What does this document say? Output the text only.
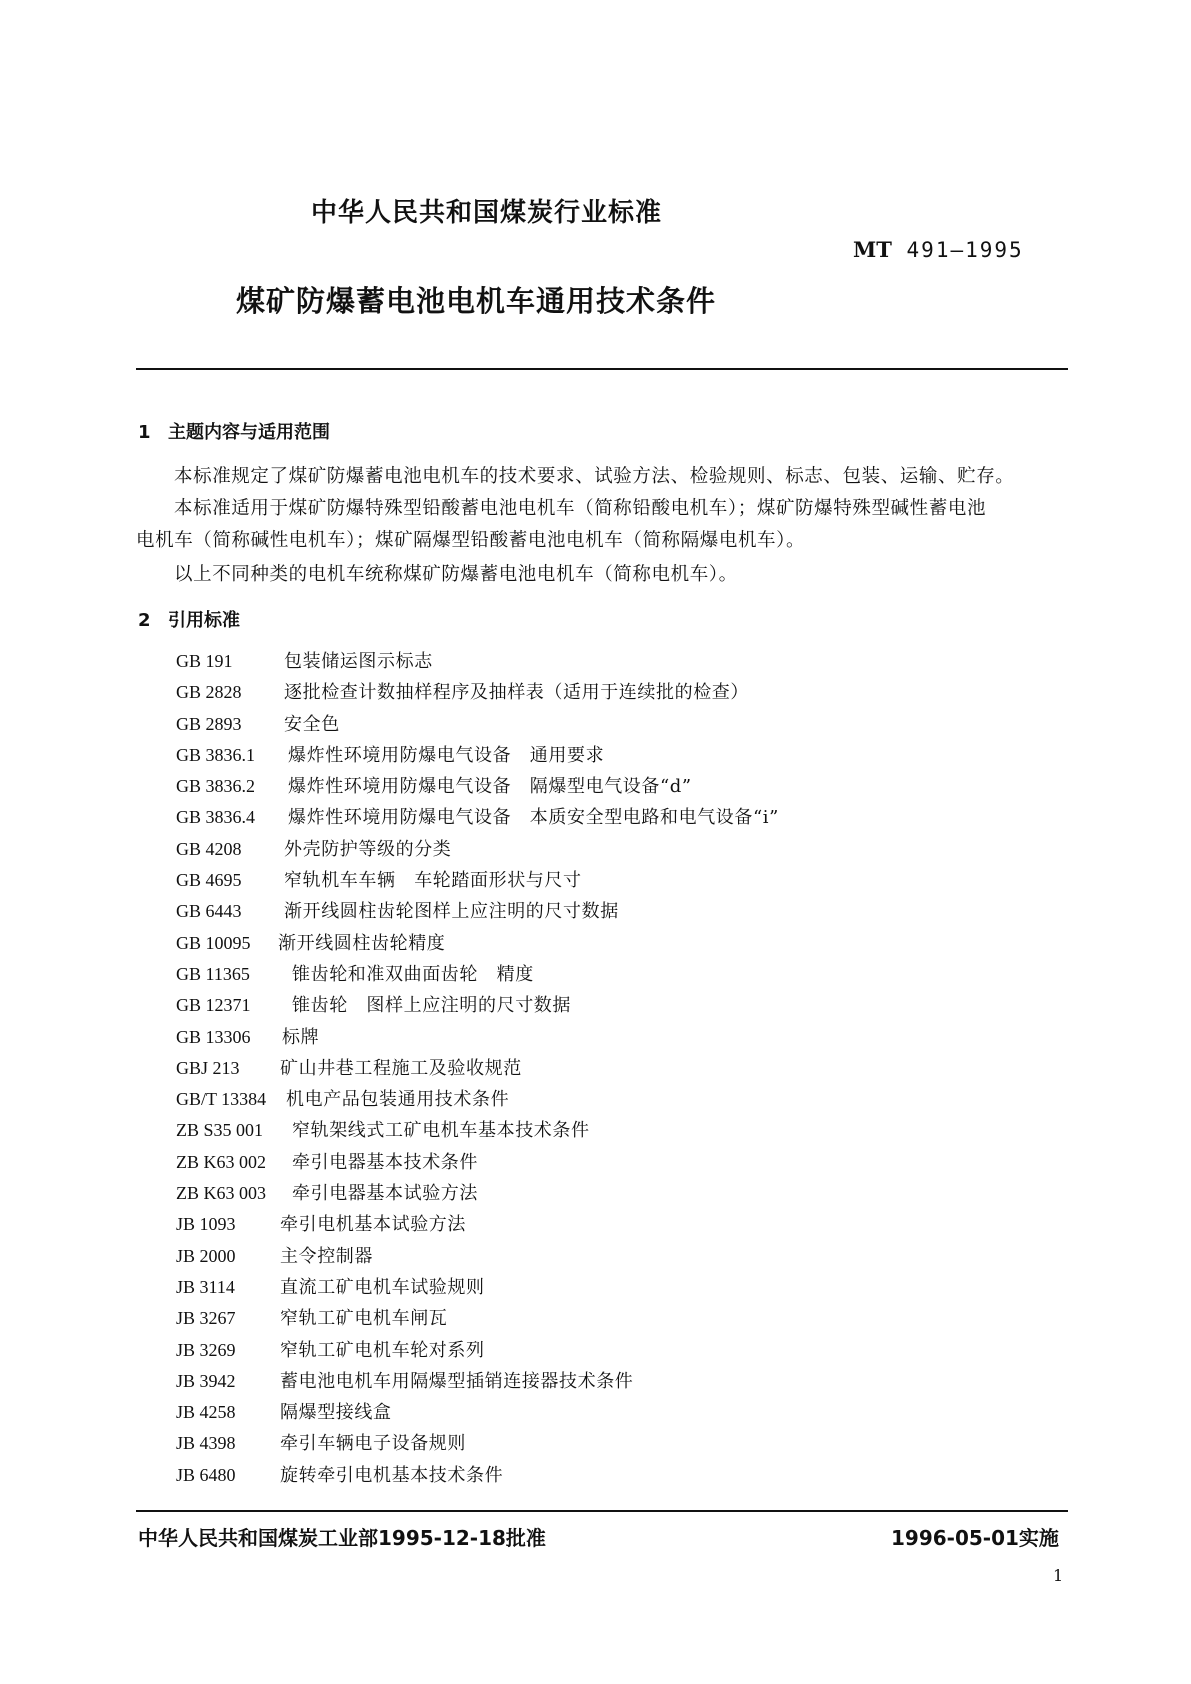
中华人民共和国煤炭行业标准
MT 491—1995
煤矿防爆蓄电池电机车通用技术条件
1 主题内容与适用范围
本标准规定了煤矿防爆蓄电池电机车的技术要求、试验方法、检验规则、标志、包装、运输、贮存。
本标准适用于煤矿防爆特殊型铅酸蓄电池电机车（简称铅酸电机车）；煤矿防爆特殊型碱性蓄电池
电机车（简称碱性电机车）；煤矿隔爆型铅酸蓄电池电机车（简称隔爆电机车）。
以上不同种类的电机车统称煤矿防爆蓄电池电机车（简称电机车）。
2 引用标准
GB 191	包装储运图示标志
GB 2828 逐批检查计数抽样程序及抽样表（适用于连续批的检查）
GB 2893 安全色
GB 3836.1 爆炸性环境用防爆电气设备　通用要求
GB 3836.2 爆炸性环境用防爆电气设备　隔爆型电气设备“d”
GB 3836.4 爆炸性环境用防爆电气设备　本质安全型电路和电气设备“i”
GB 4208 外壳防护等级的分类
GB 4695 窄轨机车车辆　车轮踏面形状与尺寸
GB 6443 渐开线圆柱齿轮图样上应注明的尺寸数据
GB 10095 渐开线圆柱齿轮精度
GB 11365 锥齿轮和准双曲面齿轮　精度
GB 12371 锥齿轮　图样上应注明的尺寸数据
GB 13306 标牌
GBJ 213 矿山井巷工程施工及验收规范
GB/T 13384 机电产品包装通用技术条件
ZB S35 001 窄轨架线式工矿电机车基本技术条件
ZB K63 002 牵引电器基本技术条件
ZB K63 003 牵引电器基本试验方法
JB 1093 牵引电机基本试验方法
JB 2000 主令控制器
JB 3114	直流工矿电机车试验规则
JB 3267 窄轨工矿电机车闸瓦
JB 3269 窄轨工矿电机车轮对系列
JB 3942 蓄电池电机车用隔爆型插销连接器技术条件
JB 4258 隔爆型接线盒
JB 4398 牵引车辆电子设备规则
JB 6480 旋转牵引电机基本技术条件
中华人民共和国煤炭工业部1995-12-18批准	1996-05-01实施
1
